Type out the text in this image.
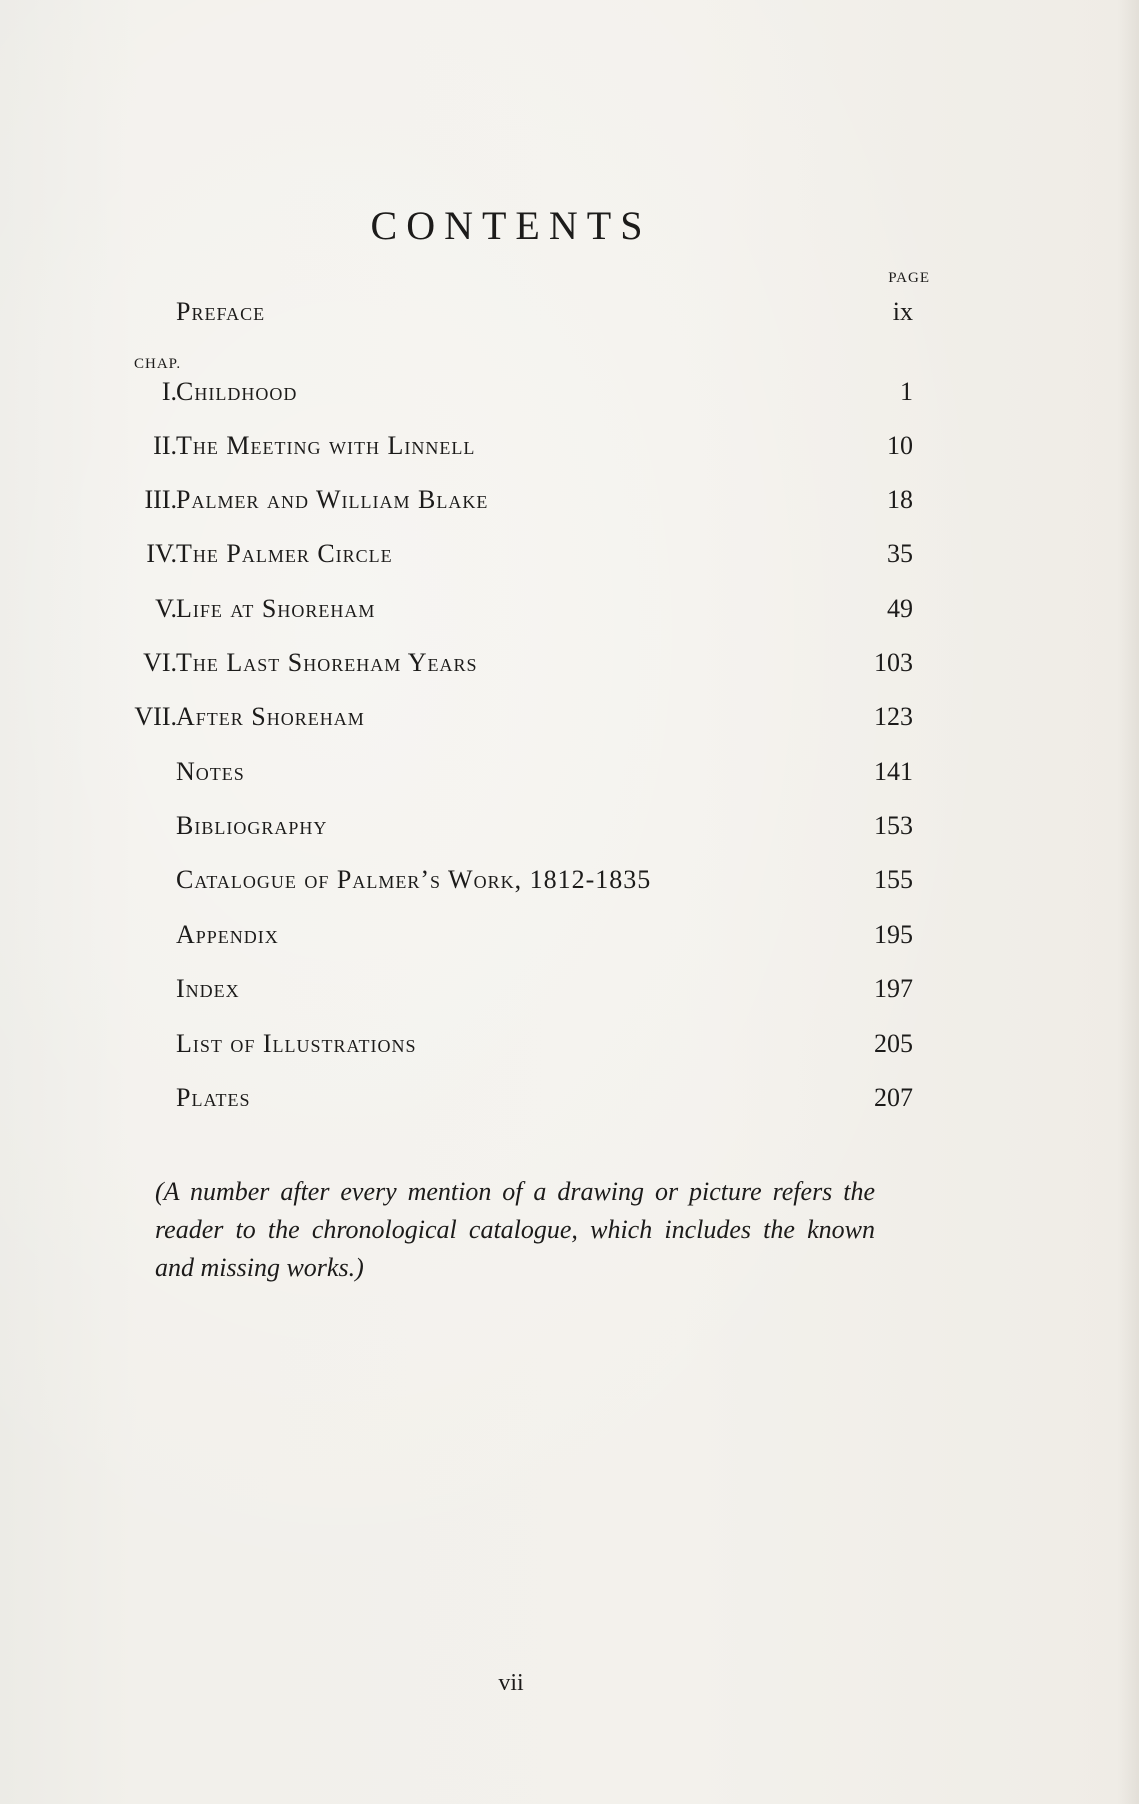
CONTENTS
PAGE
Preface	ix
CHAP.
I. Childhood	1
II. The Meeting with Linnell	10
III. Palmer and William Blake	18
IV. The Palmer Circle	35
V. Life at Shoreham	49
VI. The Last Shoreham Years	103
VII. After Shoreham	123
Notes	141
Bibliography	153
Catalogue of Palmer’s Work, 1812-1835	155
Appendix	195
Index	197
List of Illustrations	205
Plates	207

(A number after every mention of a drawing or picture refers the reader to the chronological catalogue, which includes the known and missing works.)

vii
